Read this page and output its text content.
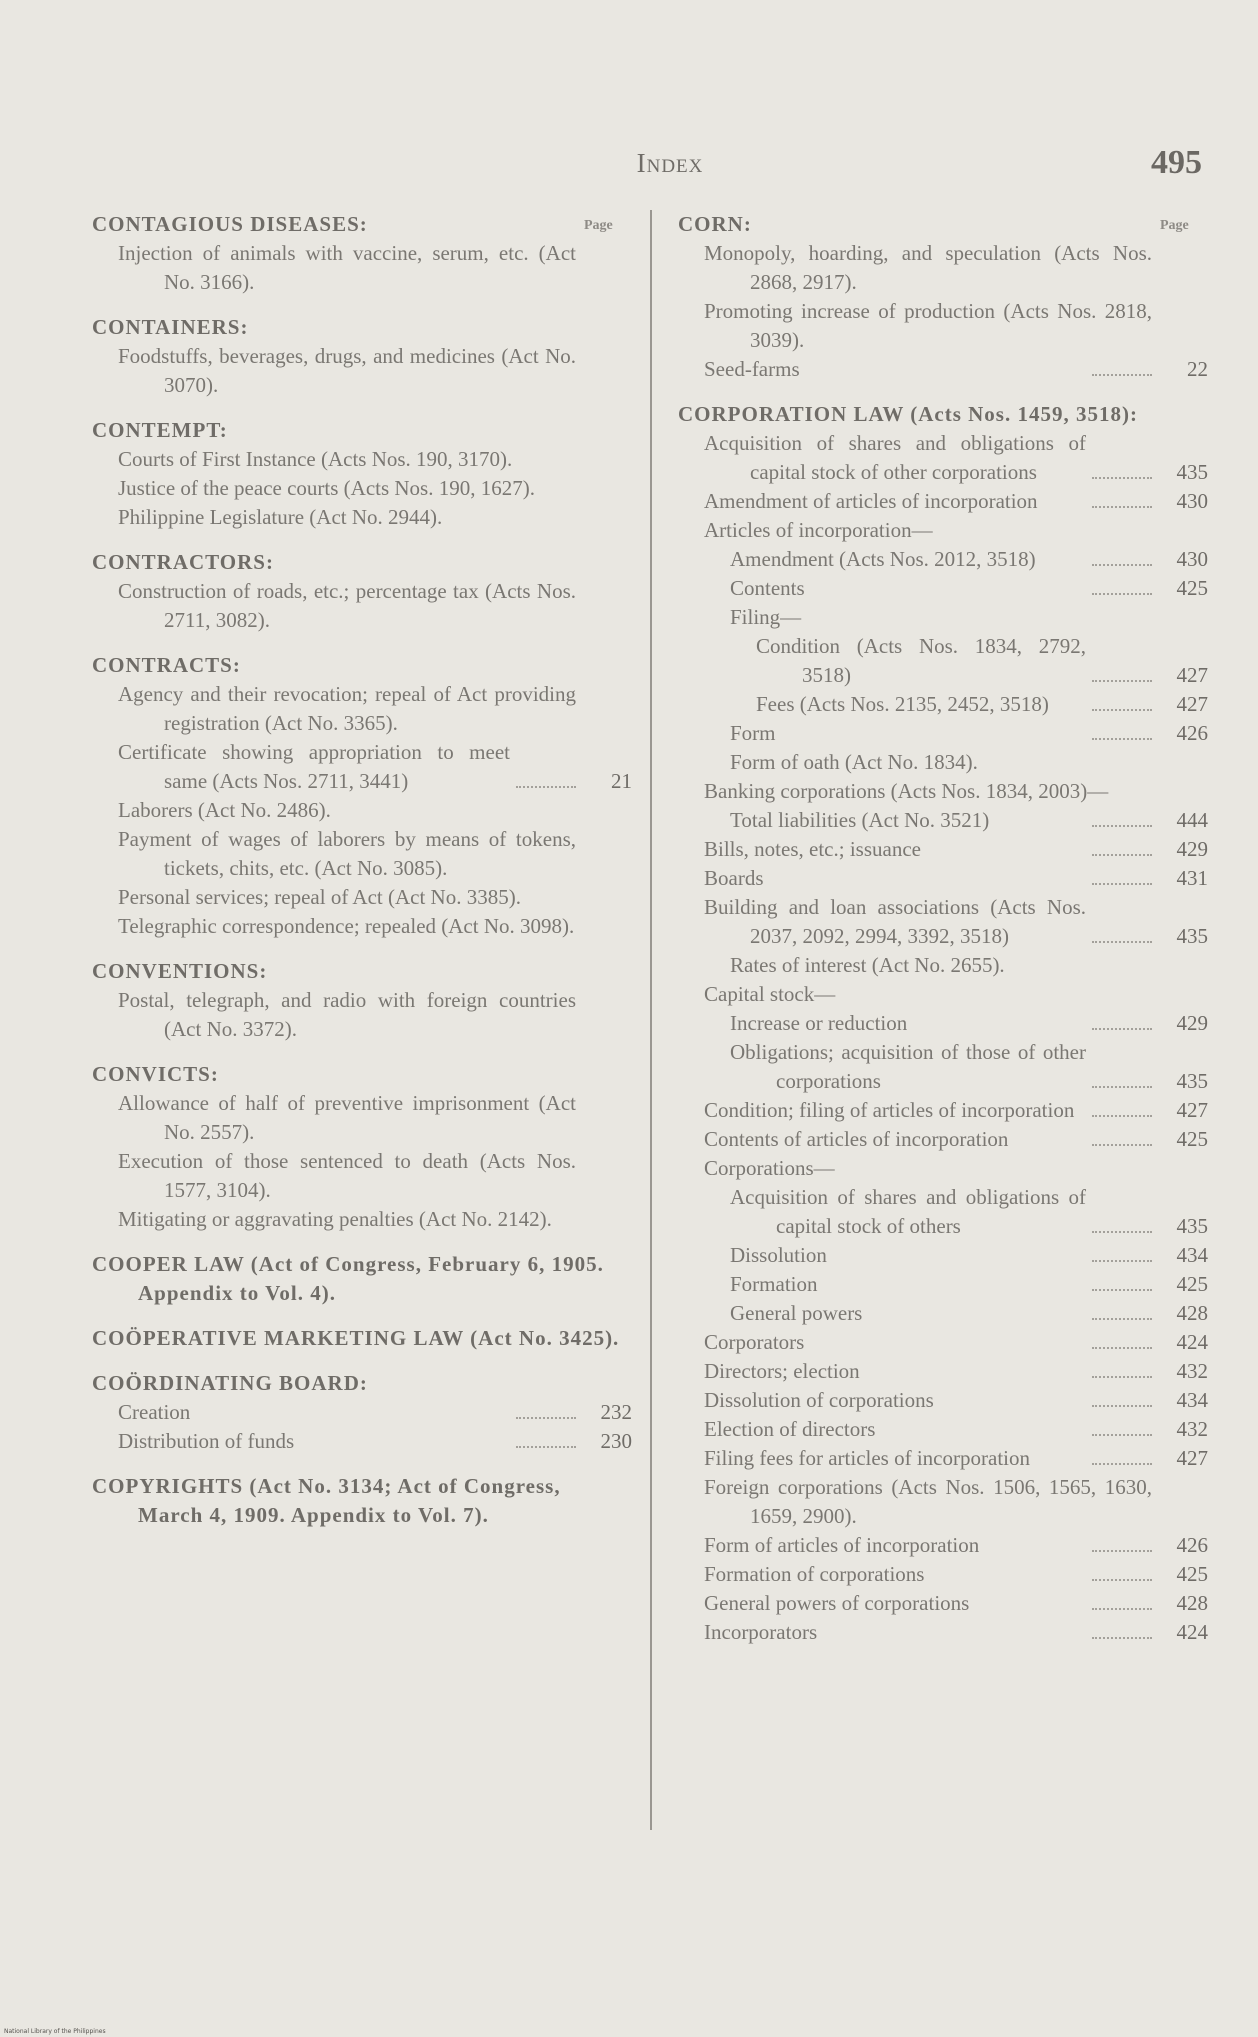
Index	495
Page	Page
CONTAGIOUS DISEASES:
Injection of animals with vaccine, serum, etc. (Act No. 3166).
CONTAINERS:
Foodstuffs, beverages, drugs, and medicines (Act No. 3070).
CONTEMPT:
Courts of First Instance (Acts Nos. 190, 3170).
Justice of the peace courts (Acts Nos. 190, 1627).
Philippine Legislature (Act No. 2944).
CONTRACTORS:
Construction of roads, etc.; percentage tax (Acts Nos. 2711, 3082).
CONTRACTS:
Agency and their revocation; repeal of Act providing registration (Act No. 3365).
Certificate showing appropriation to meet same (Acts Nos. 2711, 3441)	21
Laborers (Act No. 2486).
Payment of wages of laborers by means of tokens, tickets, chits, etc. (Act No. 3085).
Personal services; repeal of Act (Act No. 3385).
Telegraphic correspondence; repealed (Act No. 3098).
CONVENTIONS:
Postal, telegraph, and radio with foreign countries (Act No. 3372).
CONVICTS:
Allowance of half of preventive imprisonment (Act No. 2557).
Execution of those sentenced to death (Acts Nos. 1577, 3104).
Mitigating or aggravating penalties (Act No. 2142).
COOPER LAW (Act of Congress, February 6, 1905. Appendix to Vol. 4).
COÖPERATIVE MARKETING LAW (Act No. 3425).
COÖRDINATING BOARD:
Creation	232
Distribution of funds	230
COPYRIGHTS (Act No. 3134; Act of Congress, March 4, 1909. Appendix to Vol. 7).
CORN:
Monopoly, hoarding, and speculation (Acts Nos. 2868, 2917).
Promoting increase of production (Acts Nos. 2818, 3039).
Seed-farms	22
CORPORATION LAW (Acts Nos. 1459, 3518):
Acquisition of shares and obligations of capital stock of other corporations	435
Amendment of articles of incorporation	430
Articles of incorporation—
Amendment (Acts Nos. 2012, 3518)	430
Contents	425
Filing—
Condition (Acts Nos. 1834, 2792, 3518)	427
Fees (Acts Nos. 2135, 2452, 3518)	427
Form	426
Form of oath (Act No. 1834).
Banking corporations (Acts Nos. 1834, 2003)—
Total liabilities (Act No. 3521)	444
Bills, notes, etc.; issuance	429
Boards	431
Building and loan associations (Acts Nos. 2037, 2092, 2994, 3392, 3518)	435
Rates of interest (Act No. 2655).
Capital stock—
Increase or reduction	429
Obligations; acquisition of those of other corporations	435
Condition; filing of articles of incorporation	427
Contents of articles of incorporation	425
Corporations—
Acquisition of shares and obligations of capital stock of others	435
Dissolution	434
Formation	425
General powers	428
Corporators	424
Directors; election	432
Dissolution of corporations	434
Election of directors	432
Filing fees for articles of incorporation	427
Foreign corporations (Acts Nos. 1506, 1565, 1630, 1659, 2900).
Form of articles of incorporation	426
Formation of corporations	425
General powers of corporations	428
Incorporators	424
National Library of the Philippines
